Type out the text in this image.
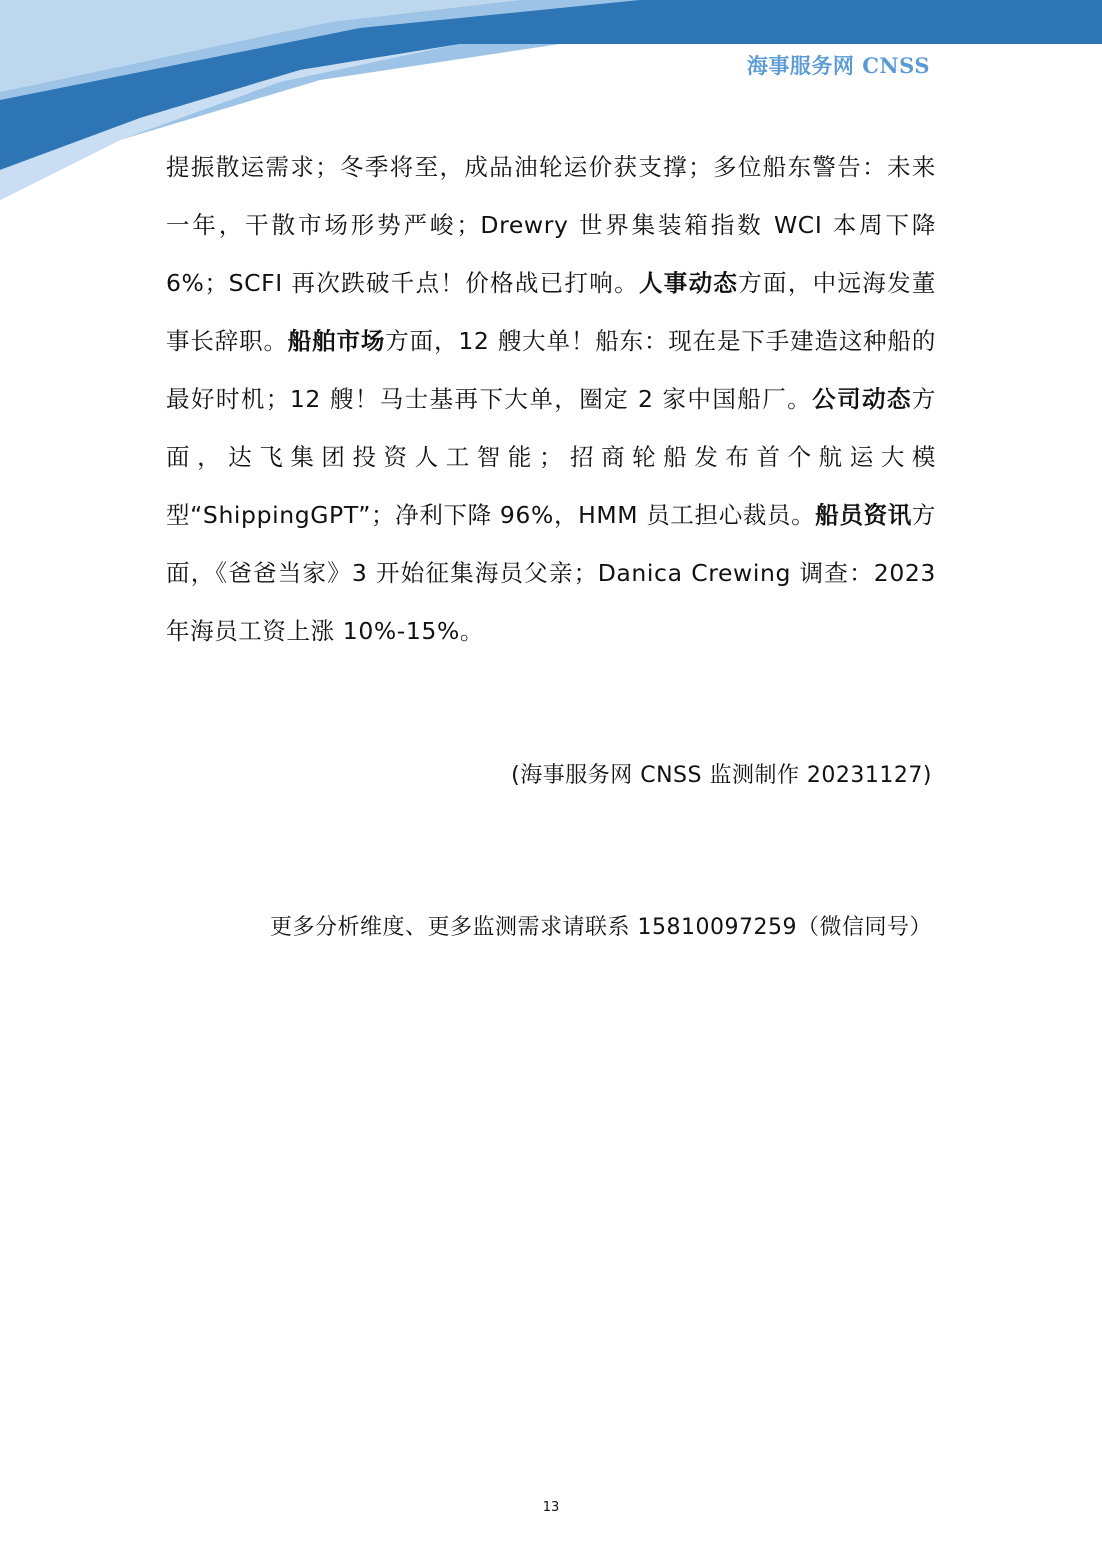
海事服务网 CNSS
提振散运需求；冬季将至，成品油轮运价获支撑；多位船东警告：未来一年，干散市场形势严峻；Drewry 世界集装箱指数 WCI 本周下降 6%；SCFI 再次跌破千点！价格战已打响。人事动态方面，中远海发董事长辞职。船舶市场方面，12 艘大单！船东：现在是下手建造这种船的最好时机；12 艘！马士基再下大单，圈定 2 家中国船厂。公司动态方面，达飞集团投资人工智能；招商轮船发布首个航运大模型“ShippingGPT”；净利下降 96%，HMM 员工担心裁员。船员资讯方面，《爸爸当家》3 开始征集海员父亲；Danica Crewing 调查：2023 年海员工资上涨 10%-15%。
(海事服务网 CNSS 监测制作 20231127)
更多分析维度、更多监测需求请联系 15810097259（微信同号）
13
